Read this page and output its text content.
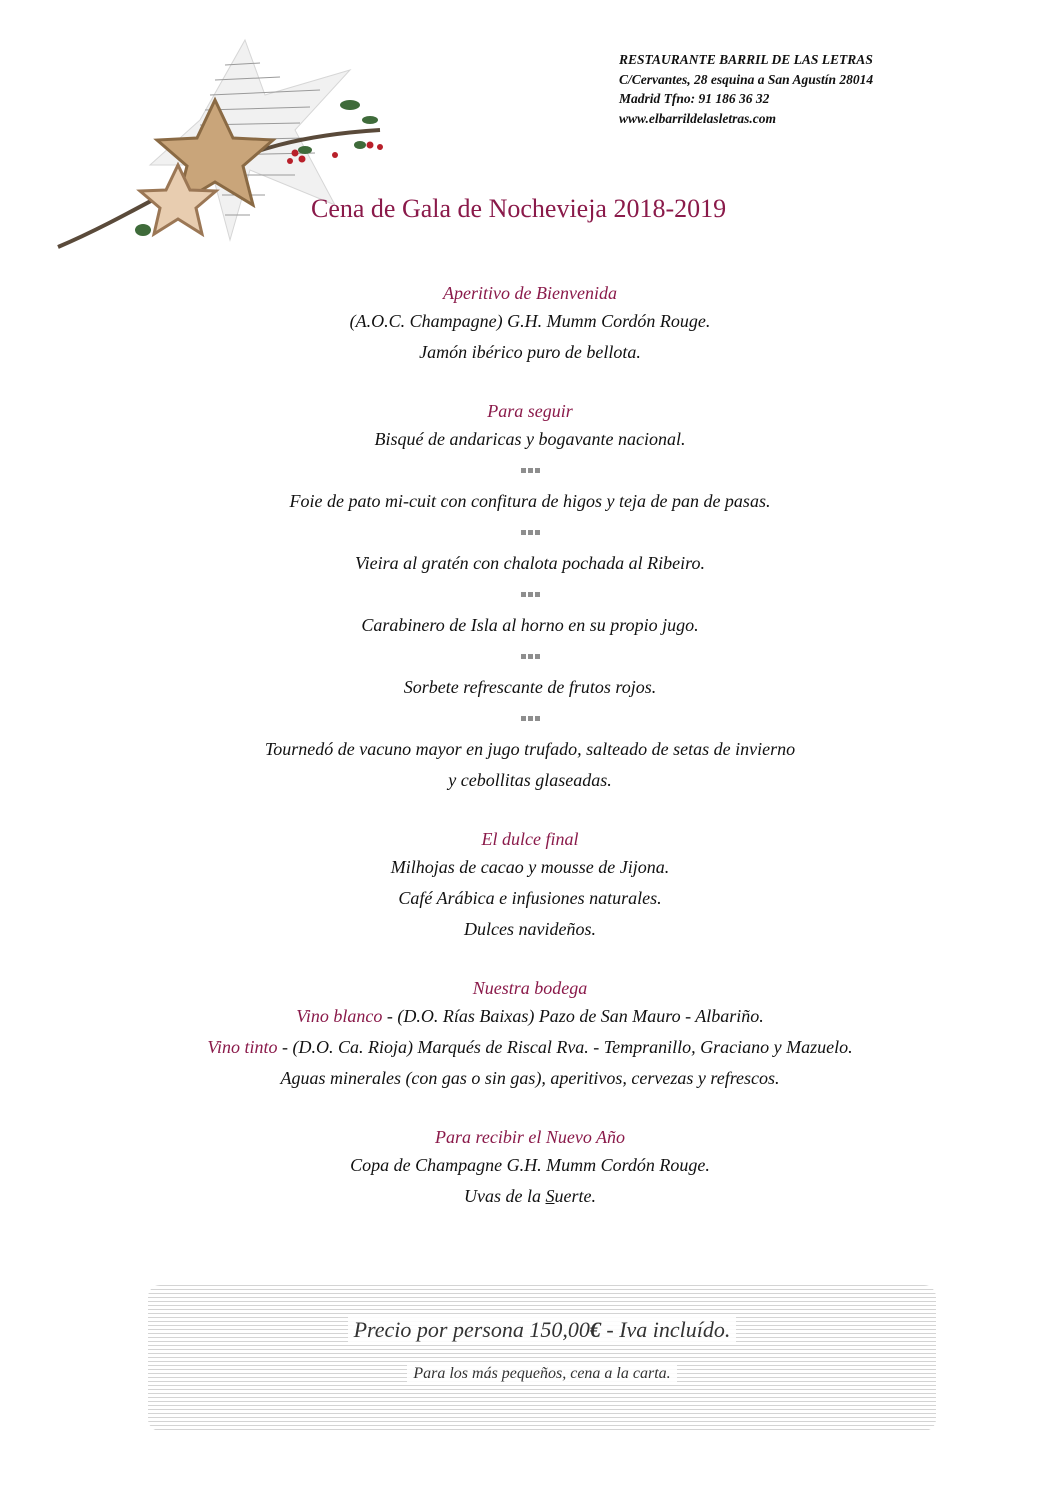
RESTAURANTE BARRIL DE LAS LETRAS
C/Cervantes, 28 esquina a San Agustín 28014
Madrid Tfno: 91 186 36 32
www.elbarrildelasletras.com
Cena de Gala de Nochevieja 2018-2019
Aperitivo de Bienvenida
(A.O.C. Champagne) G.H. Mumm Cordón Rouge.
Jamón ibérico puro de bellota.
Para seguir
Bisqué de andaricas y bogavante nacional.
Foie de pato mi-cuit con confitura de higos y teja de pan de pasas.
Vieira al gratén con chalota pochada al Ribeiro.
Carabinero de Isla al horno en su propio jugo.
Sorbete refrescante de frutos rojos.
Tournedó de vacuno mayor en jugo trufado, salteado de setas de invierno
y cebollitas glaseadas.
El dulce final
Milhojas de cacao y mousse de Jijona.
Café Arábica e infusiones naturales.
Dulces navideños.
Nuestra bodega
Vino blanco - (D.O. Rías Baixas) Pazo de San Mauro - Albariño.
Vino tinto - (D.O. Ca. Rioja) Marqués de Riscal Rva. - Tempranillo, Graciano y Mazuelo.
Aguas minerales (con gas o sin gas), aperitivos, cervezas y refrescos.
Para recibir el Nuevo Año
Copa de Champagne G.H. Mumm Cordón Rouge.
Uvas de la Suerte.
Precio por persona 150,00€ - Iva incluído.
Para los más pequeños, cena a la carta.
